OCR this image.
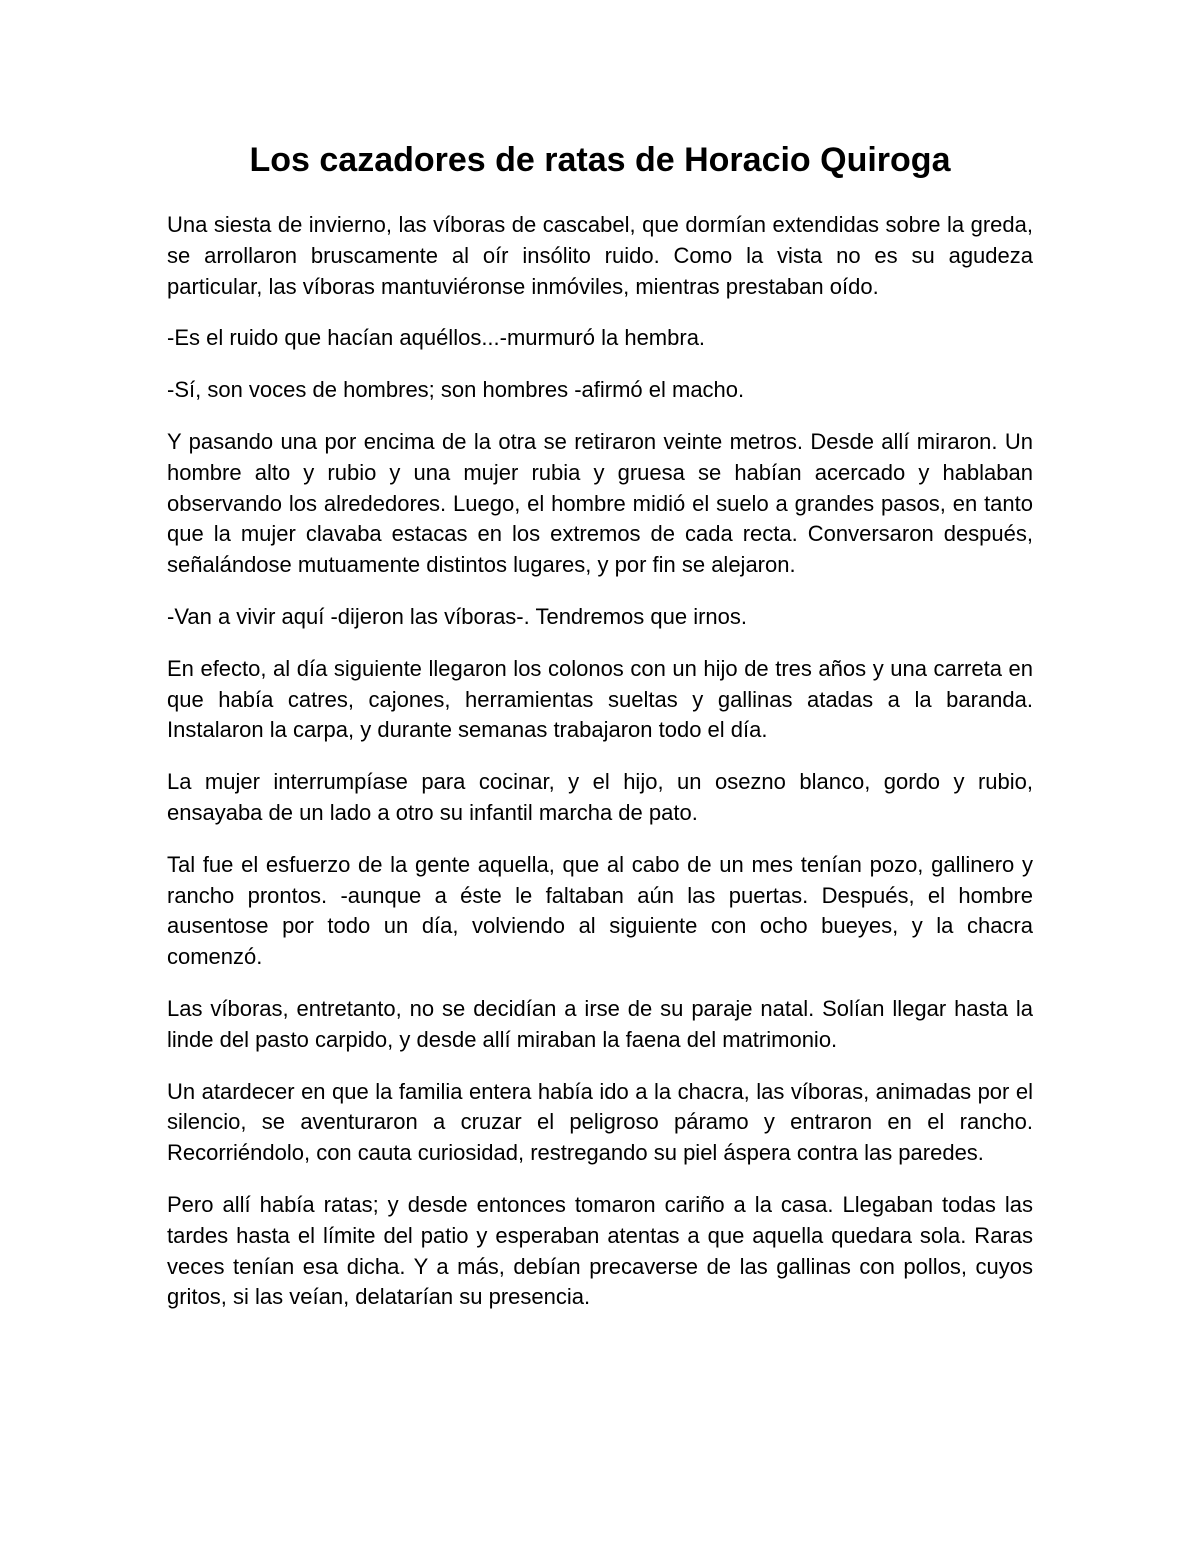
Los cazadores de ratas de Horacio Quiroga

Una siesta de invierno, las víboras de cascabel, que dormían extendidas sobre la greda, se arrollaron bruscamente al oír insólito ruido. Como la vista no es su agudeza particular, las víboras mantuviéronse inmóviles, mientras prestaban oído.

-Es el ruido que hacían aquéllos...-murmuró la hembra.

-Sí, son voces de hombres; son hombres -afirmó el macho.

Y pasando una por encima de la otra se retiraron veinte metros. Desde allí miraron. Un hombre alto y rubio y una mujer rubia y gruesa se habían acercado y hablaban observando los alrededores. Luego, el hombre midió el suelo a grandes pasos, en tanto que la mujer clavaba estacas en los extremos de cada recta. Conversaron después, señalándose mutuamente distintos lugares, y por fin se alejaron.

-Van a vivir aquí -dijeron las víboras-. Tendremos que irnos.

En efecto, al día siguiente llegaron los colonos con un hijo de tres años y una carreta en que había catres, cajones, herramientas sueltas y gallinas atadas a la baranda. Instalaron la carpa, y durante semanas trabajaron todo el día.

La mujer interrumpíase para cocinar, y el hijo, un osezno blanco, gordo y rubio, ensayaba de un lado a otro su infantil marcha de pato.

Tal fue el esfuerzo de la gente aquella, que al cabo de un mes tenían pozo, gallinero y rancho prontos. -aunque a éste le faltaban aún las puertas. Después, el hombre ausentose por todo un día, volviendo al siguiente con ocho bueyes, y la chacra comenzó.

Las víboras, entretanto, no se decidían a irse de su paraje natal. Solían llegar hasta la linde del pasto carpido, y desde allí miraban la faena del matrimonio.

Un atardecer en que la familia entera había ido a la chacra, las víboras, animadas por el silencio, se aventuraron a cruzar el peligroso páramo y entraron en el rancho. Recorriéndolo, con cauta curiosidad, restregando su piel áspera contra las paredes.

Pero allí había ratas; y desde entonces tomaron cariño a la casa. Llegaban todas las tardes hasta el límite del patio y esperaban atentas a que aquella quedara sola. Raras veces tenían esa dicha. Y a más, debían precaverse de las gallinas con pollos, cuyos gritos, si las veían, delatarían su presencia.
